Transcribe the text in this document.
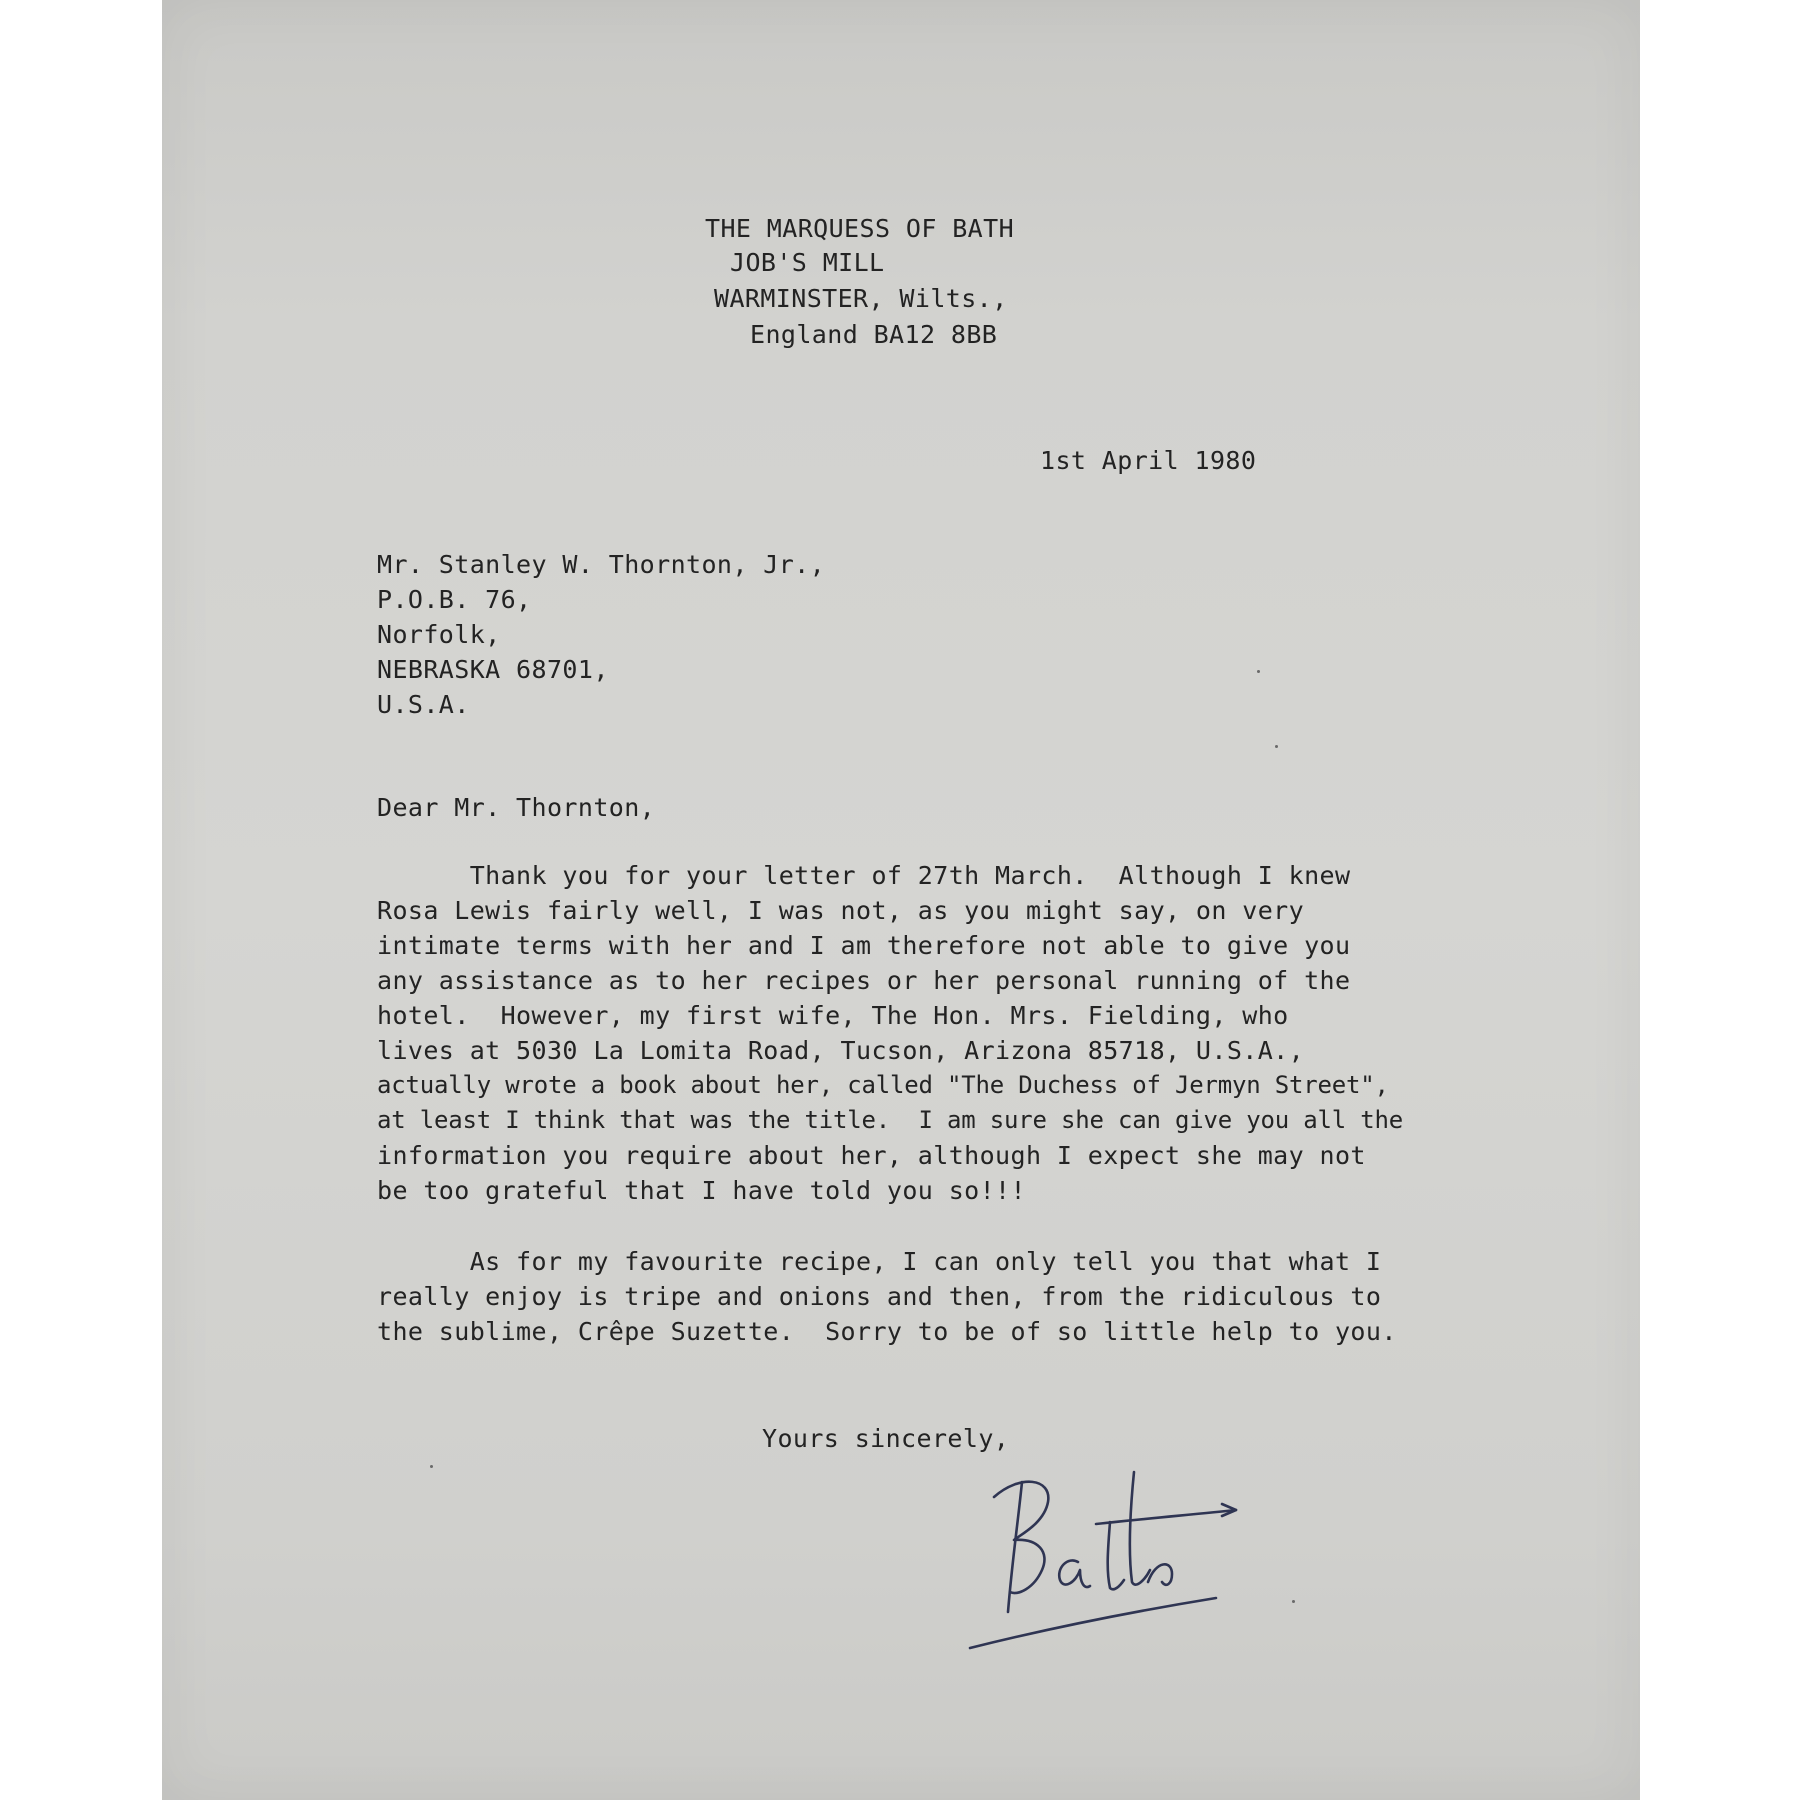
THE MARQUESS OF BATH
JOB'S MILL
WARMINSTER, Wilts.,
England BA12 8BB
1st April 1980
Mr. Stanley W. Thornton, Jr.,
P.O.B. 76,
Norfolk,
NEBRASKA 68701,
U.S.A.
Dear Mr. Thornton,
Thank you for your letter of 27th March.  Although I knew
Rosa Lewis fairly well, I was not, as you might say, on very
intimate terms with her and I am therefore not able to give you
any assistance as to her recipes or her personal running of the
hotel.  However, my first wife, The Hon. Mrs. Fielding, who
lives at 5030 La Lomita Road, Tucson, Arizona 85718, U.S.A.,
actually wrote a book about her, called "The Duchess of Jermyn Street",
at least I think that was the title.  I am sure she can give you all the
information you require about her, although I expect she may not
be too grateful that I have told you so!!!
As for my favourite recipe, I can only tell you that what I
really enjoy is tripe and onions and then, from the ridiculous to
the sublime, Crêpe Suzette.  Sorry to be of so little help to you.
Yours sincerely,
